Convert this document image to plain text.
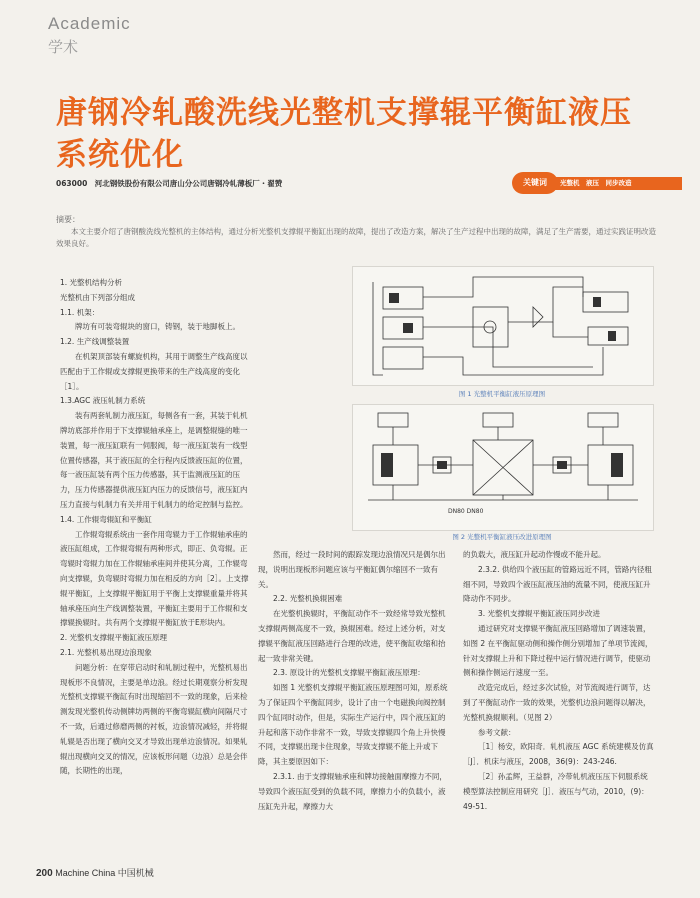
Academic
学术
唐钢冷轧酸洗线光整机支撑辊平衡缸液压系统优化
063000　河北钢铁股份有限公司唐山分公司唐钢冷轧薄板厂・翟赞	光整机　液压　同步改造
关键词
摘要：
本文主要介绍了唐钢酸洗线光整机的主体结构，通过分析光整机支撑辊平衡缸出现的故障，提出了改造方案，解决了生产过程中出现的故障，满足了生产需要，通过实践证明改造效果良好。

1. 光整机结构分析

光整机由下列部分组成

1.1. 机架：

牌坊有可装弯辊块的窗口，铸钢，装于地脚板上。

1.2. 生产线调整装置

在机架顶部装有螺旋机构，其用于调整生产线高度以匹配由于工作辊或支撑辊更换带来的生产线高度的变化［1］。

1.3.AGC 液压轧制力系统

装有两套轧制力液压缸，每侧各有一套，其装于轧机牌坊底部并作用于下支撑辊轴承座上，是调整辊缝的唯一装置，每一液压缸联有一伺服阀，每一液压缸装有一线型位置传感器，其于液压缸的全行程内反馈液压缸的位置，每一液压缸装有两个压力传感器，其于监测液压缸的压力，压力传感器提供液压缸内压力的反馈信号，液压缸内压力直接与轧制力有关并用于轧制力的给定控制与监控。

1.4. 工作辊弯辊缸和平衡缸

工作辊弯辊系统由一套作用弯辊力于工作辊轴承座的液压缸组成，工作辊弯辊有两种形式，即正、负弯辊。正弯辊时弯辊力加在工作辊轴承座间并使其分离，工作辊弯向支撑辊，负弯辊时弯辊力加在相反的方向［2］。上支撑辊平衡缸，上支撑辊平衡缸用于平衡上支撑辊重量并将其轴承座压向生产线调整装置，平衡缸主要用于工作辊和支撑辊换辊时。共有两个支撑辊平衡缸放于E形块内。

2. 光整机支撑辊平衡缸液压原理

2.1. 光整机易出现边浪现象

问题分析：在穿带启动时和轧制过程中，光整机易出现板形不良情况，主要是单边浪。经过长期观察分析发现光整机支撑辊平衡缸有时出现缩回不一致的现象，后来检测发现光整机传动侧牌坊两侧的平衡弯辊缸横向间隔尺寸不一致，后通过修磨两侧的衬板，边浪情况减轻，并将辊轧辊是否出现了横向交叉才导致出现单边浪情况。如果轧辊出现横向交叉的情况，应该板形问题（边浪）总是会伴随，长期性的出现，

图 1 光整机平衡缸液压原理图
DN80 DN80
图 2 光整机平衡缸液压改进原理图

然而，经过一段时间的跟踪发现边浪情况只是偶尔出现，说明出现板形问题应该与平衡缸偶尔缩回不一致有关。

2.2. 光整机换辊困难

在光整机换辊时，平衡缸动作不一致经常导致光整机支撑辊两侧高度不一致，换辊困难。经过上述分析，对支撑辊平衡缸液压回路进行合理的改进，使平衡缸收缩和抬起一致非常关键。

2.3. 原设计的光整机支撑辊平衡缸液压原理：

如图 1 光整机支撑辊平衡缸液压原理图可知，原系统为了保证四个平衡缸同步，设计了由一个电磁换向阀控制四个缸同时动作，但是，实际生产运行中，四个液压缸的升起和落下动作非常不一致，导致支撑辊四个角上升快慢不同，支撑辊出现卡住现象，导致支撑辊不能上升或下降，其主要原因如下：

2.3.1. 由于支撑辊轴承座和牌坊接触面摩擦力不同，导致四个液压缸受到的负载不同，摩擦力小的负载小，液压缸先升起，摩擦力大

的负载大，液压缸升起动作慢或不能升起。

2.3.2. 供给四个液压缸的管路远近不同，管路内径粗细不同，导致四个液压缸液压油的流量不同，使液压缸升降动作不同步。

3. 光整机支撑辊平衡缸液压同步改进

通过研究对支撑辊平衡缸液压回路增加了调速装置，如图 2 在平衡缸驱动侧和操作侧分别增加了单项节流阀，针对支撑辊上升和下降过程中运行情况进行调节，使驱动侧和操作侧运行速度一至。

改造完成后，经过多次试验，对节流阀进行调节，达到了平衡缸动作一致的效果，光整机边浪问题得以解决，光整机换辊顺利。（见图 2）

参考文献：

［1］杨安，欧阳奇．轧机液压 AGC 系统建模及仿真［J］．机床与液压，2008，36(9)：243-246.

［2］孙孟辉，王益群，冷带轧机液压压下伺服系统模型算法控制应用研究［J］．液压与气动，2010，(9)：49-51.

200 Machine China 中国机械
